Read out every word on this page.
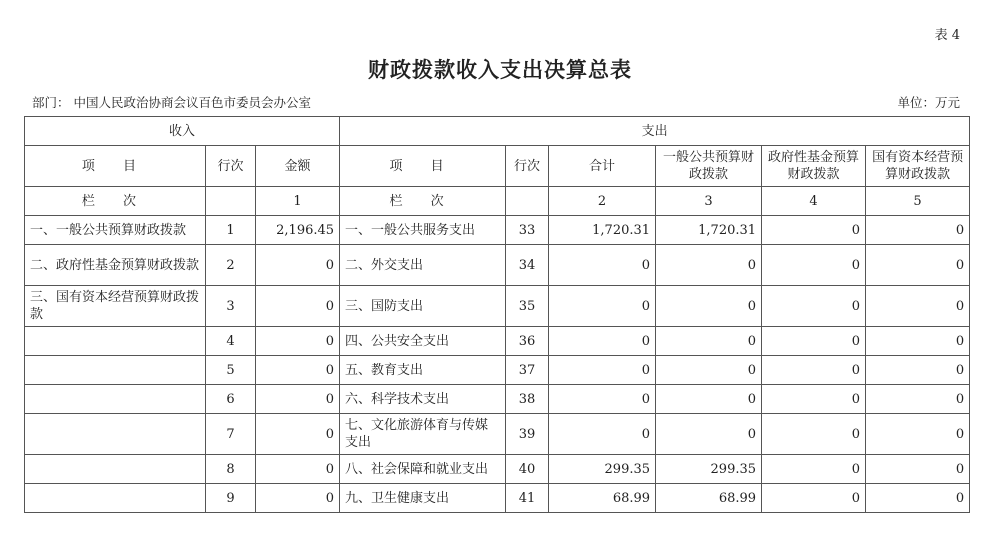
表 4
财政拨款收入支出决算总表
部门： 中国人民政治协商会议百色市委员会办公室	单位：万元
收入			支出					
项 目	行次	金额	项 目	行次	合计	一般公共预算财政拨款	政府性基金预算财政拨款	国有资本经营预算财政拨款
栏 次		1	栏 次		2	3	4	5
一、一般公共预算财政拨款	1	2,196.45	一、一般公共服务支出	33	1,720.31	1,720.31	0	0
二、政府性基金预算财政拨款	2	0	二、外交支出	34	0	0	0	0
三、国有资本经营预算财政拨款	3	0	三、国防支出	35	0	0	0	0
	4	0	四、公共安全支出	36	0	0	0	0
	5	0	五、教育支出	37	0	0	0	0
	6	0	六、科学技术支出	38	0	0	0	0
	7	0	七、文化旅游体育与传媒支出	39	0	0	0	0
	8	0	八、社会保障和就业支出	40	299.35	299.35	0	0
	9	0	九、卫生健康支出	41	68.99	68.99	0	0
